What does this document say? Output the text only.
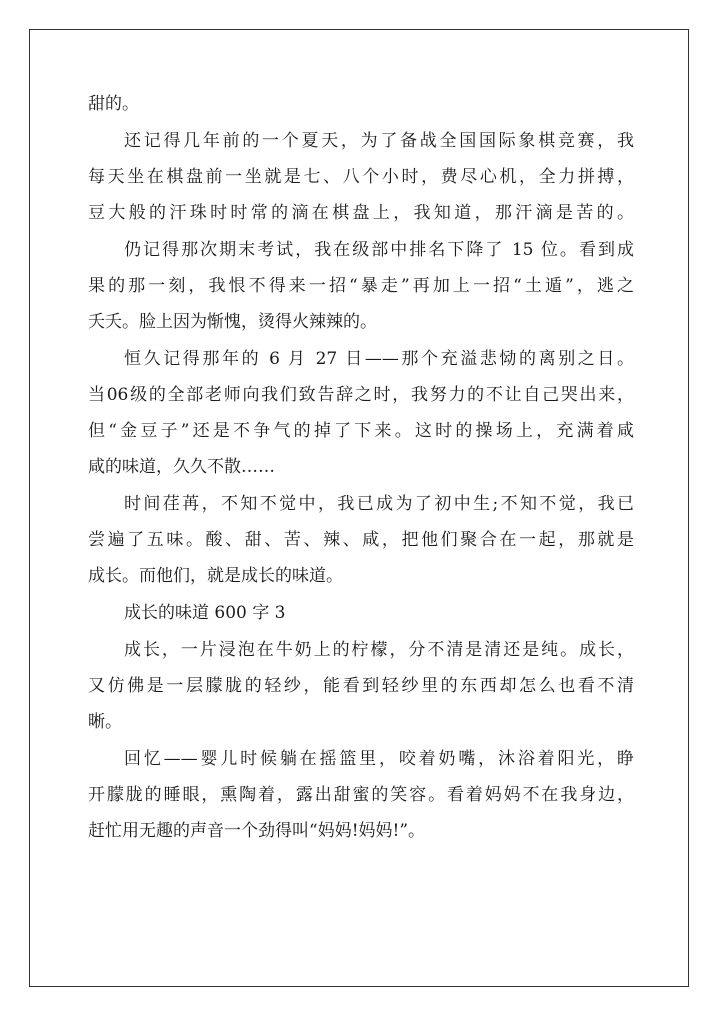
甜的。
还记得几年前的一个夏天，为了备战全国国际象棋竞赛，我
每天坐在棋盘前一坐就是七、八个小时，费尽心机，全力拼搏，
豆大般的汗珠时时常的滴在棋盘上，我知道，那汗滴是苦的。
仍记得那次期末考试，我在级部中排名下降了 15 位。看到成
果的那一刻，我恨不得来一招“暴走”再加上一招“土遁”，逃之
夭夭。脸上因为惭愧，烫得火辣辣的。
恒久记得那年的 6 月 27 日——那个充溢悲恸的离别之日。
当06级的全部老师向我们致告辞之时，我努力的不让自己哭出来，
但“金豆子”还是不争气的掉了下来。这时的操场上，充满着咸
咸的味道，久久不散……
时间荏苒，不知不觉中，我已成为了初中生;不知不觉，我已
尝遍了五味。酸、甜、苦、辣、咸，把他们聚合在一起，那就是
成长。而他们，就是成长的味道。
成长的味道 600 字 3
成长，一片浸泡在牛奶上的柠檬，分不清是清还是纯。成长，
又仿佛是一层朦胧的轻纱，能看到轻纱里的东西却怎么也看不清
晰。
回忆——婴儿时候躺在摇篮里，咬着奶嘴，沐浴着阳光，睁
开朦胧的睡眼，熏陶着，露出甜蜜的笑容。看着妈妈不在我身边，
赶忙用无趣的声音一个劲得叫“妈妈!妈妈!”。
